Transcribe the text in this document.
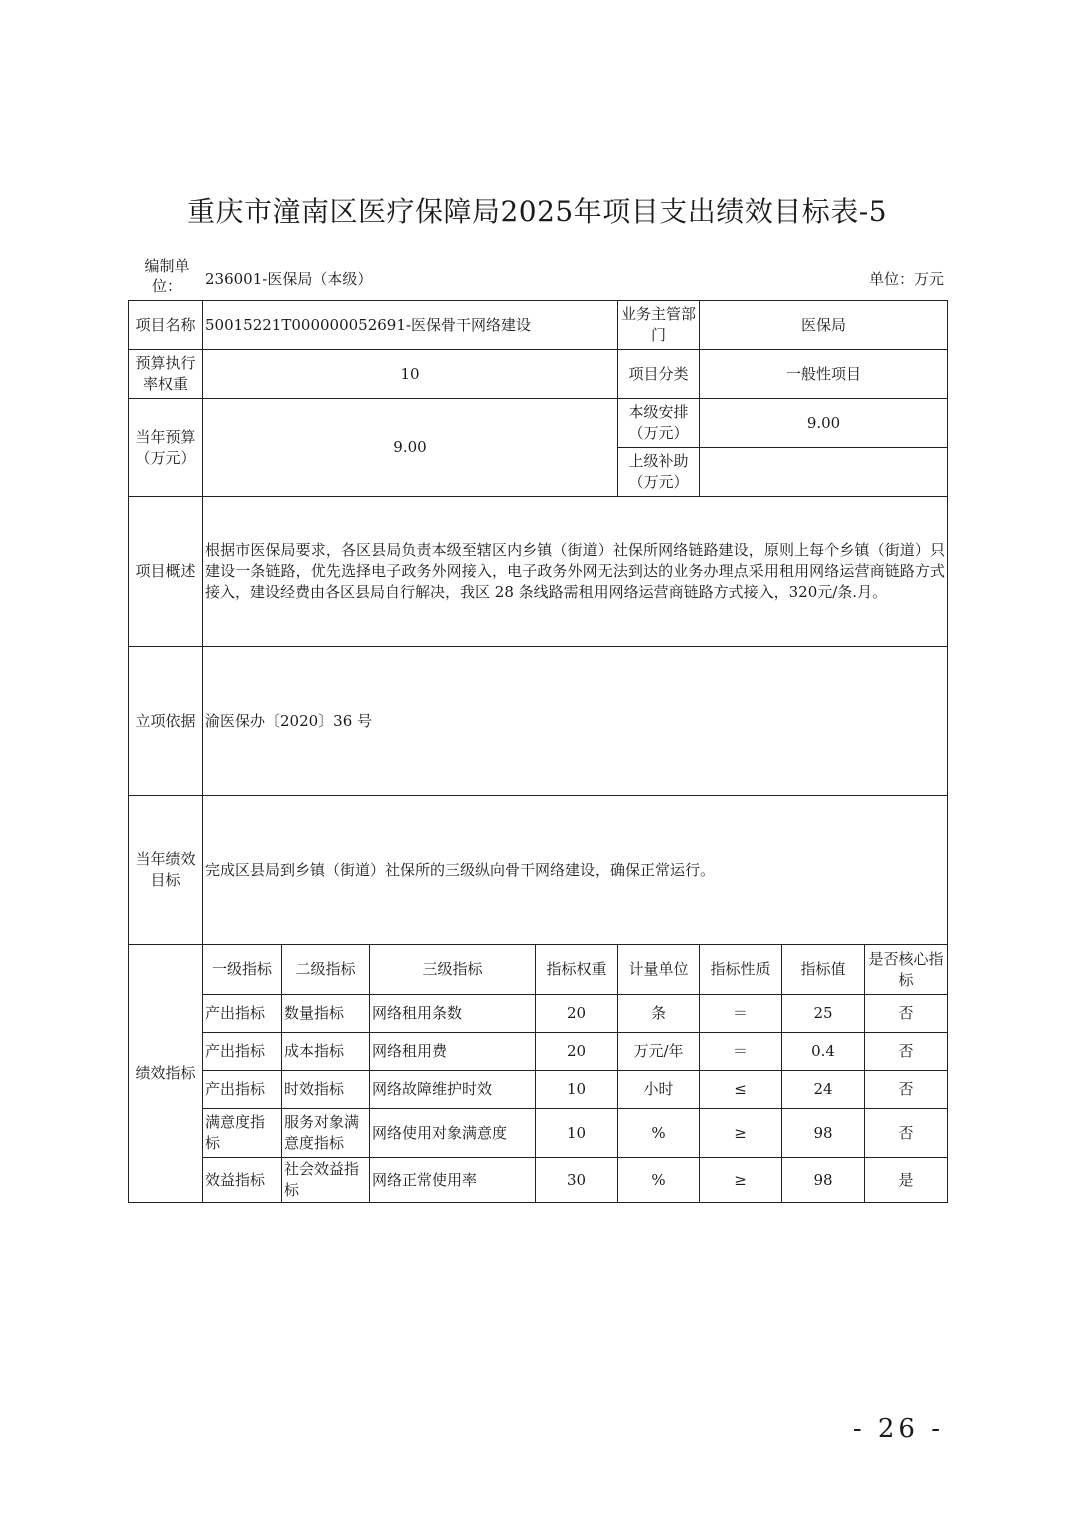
重庆市潼南区医疗保障局2025年项目支出绩效目标表-5
编制单位：	236001-医保局（本级）	单位：万元
项目名称	50015221T000000052691-医保骨干网络建设				业务主管部门	医保局		
预算执行率权重	10				项目分类	一般性项目		
当年预算（万元）	9.00				本级安排（万元）	9.00		
					上级补助（万元）			
项目概述	根据市医保局要求，各区县局负责本级至辖区内乡镇（街道）社保所网络链路建设，原则上每个乡镇（街道）只建设一条链路，优先选择电子政务外网接入，电子政务外网无法到达的业务办理点采用租用网络运营商链路方式接入，建设经费由各区县局自行解决，我区 28 条线路需租用网络运营商链路方式接入，320元/条.月。							
立项依据	渝医保办〔2020〕36 号							
当年绩效目标	完成区县局到乡镇（街道）社保所的三级纵向骨干网络建设，确保正常运行。							
绩效指标	一级指标	二级指标	三级指标	指标权重	计量单位	指标性质	指标值	是否核心指标
	产出指标	数量指标	网络租用条数	20	条	＝	25	否
	产出指标	成本指标	网络租用费	20	万元/年	＝	0.4	否
	产出指标	时效指标	网络故障维护时效	10	小时	≤	24	否
	满意度指标	服务对象满意度指标	网络使用对象满意度	10	%	≥	98	否
	效益指标	社会效益指标	网络正常使用率	30	%	≥	98	是
- 26 -
